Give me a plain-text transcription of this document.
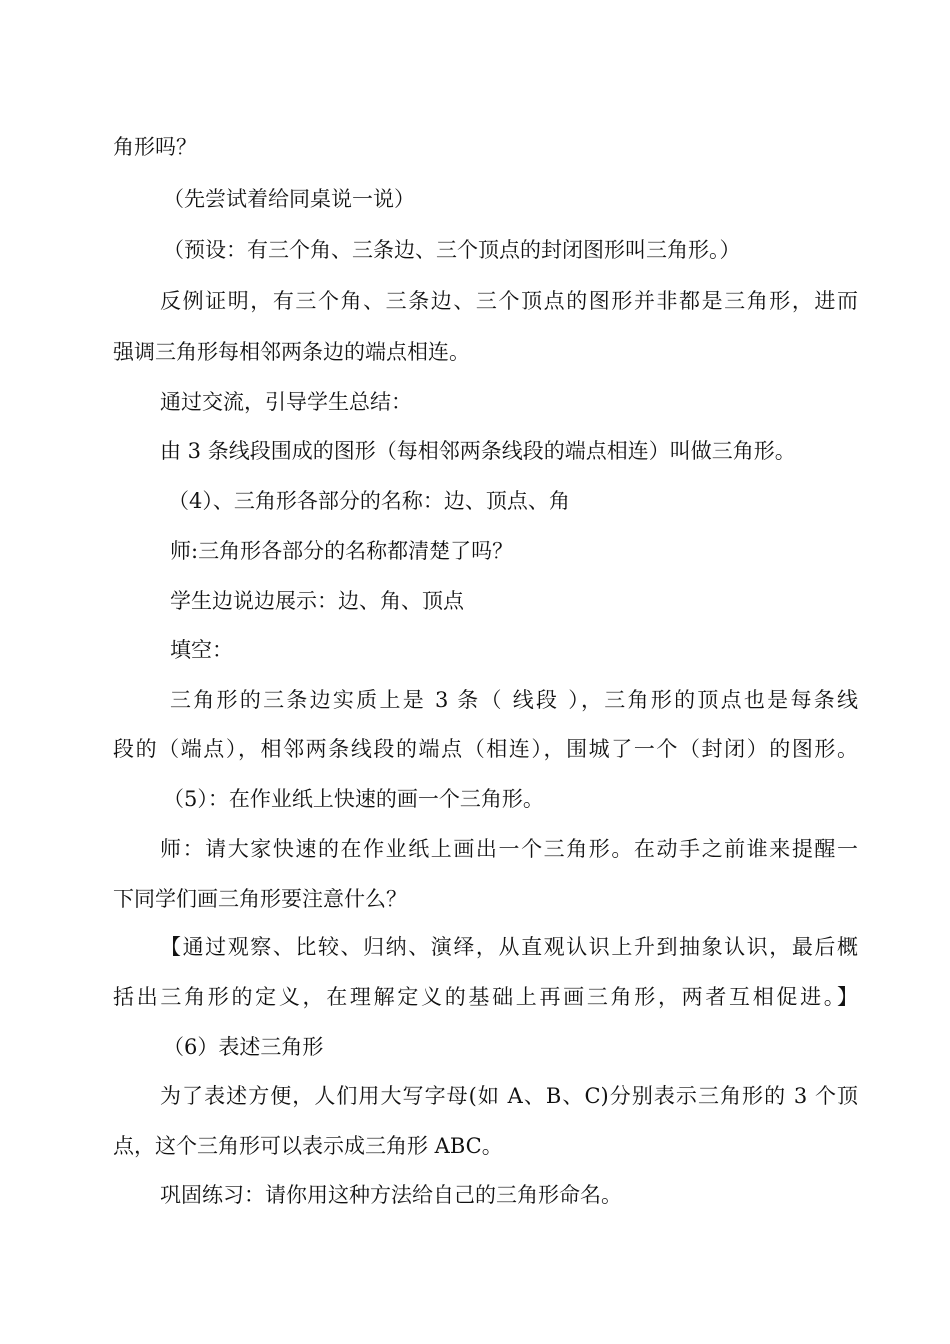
角形吗？
（先尝试着给同桌说一说）
（预设：有三个角、三条边、三个顶点的封闭图形叫三角形。）
反例证明，有三个角、三条边、三个顶点的图形并非都是三角形，进而
强调三角形每相邻两条边的端点相连。
通过交流，引导学生总结：
由 3 条线段围成的图形（每相邻两条线段的端点相连）叫做三角形。
（4）、三角形各部分的名称：边、顶点、角
师:三角形各部分的名称都清楚了吗？
学生边说边展示：边、角、顶点
填空：
三角形的三条边实质上是 3 条（ 线段 ），三角形的顶点也是每条线
段的（端点），相邻两条线段的端点（相连），围城了一个（封闭）的图形。
（5）：在作业纸上快速的画一个三角形。
师：请大家快速的在作业纸上画出一个三角形。在动手之前谁来提醒一
下同学们画三角形要注意什么？
【通过观察、比较、归纳、演绎，从直观认识上升到抽象认识，最后概
括出三角形的定义，在理解定义的基础上再画三角形，两者互相促进。】
（6）表述三角形
为了表述方便，人们用大写字母(如 A、B、C)分别表示三角形的 3 个顶
点，这个三角形可以表示成三角形 ABC。
巩固练习：请你用这种方法给自己的三角形命名。
